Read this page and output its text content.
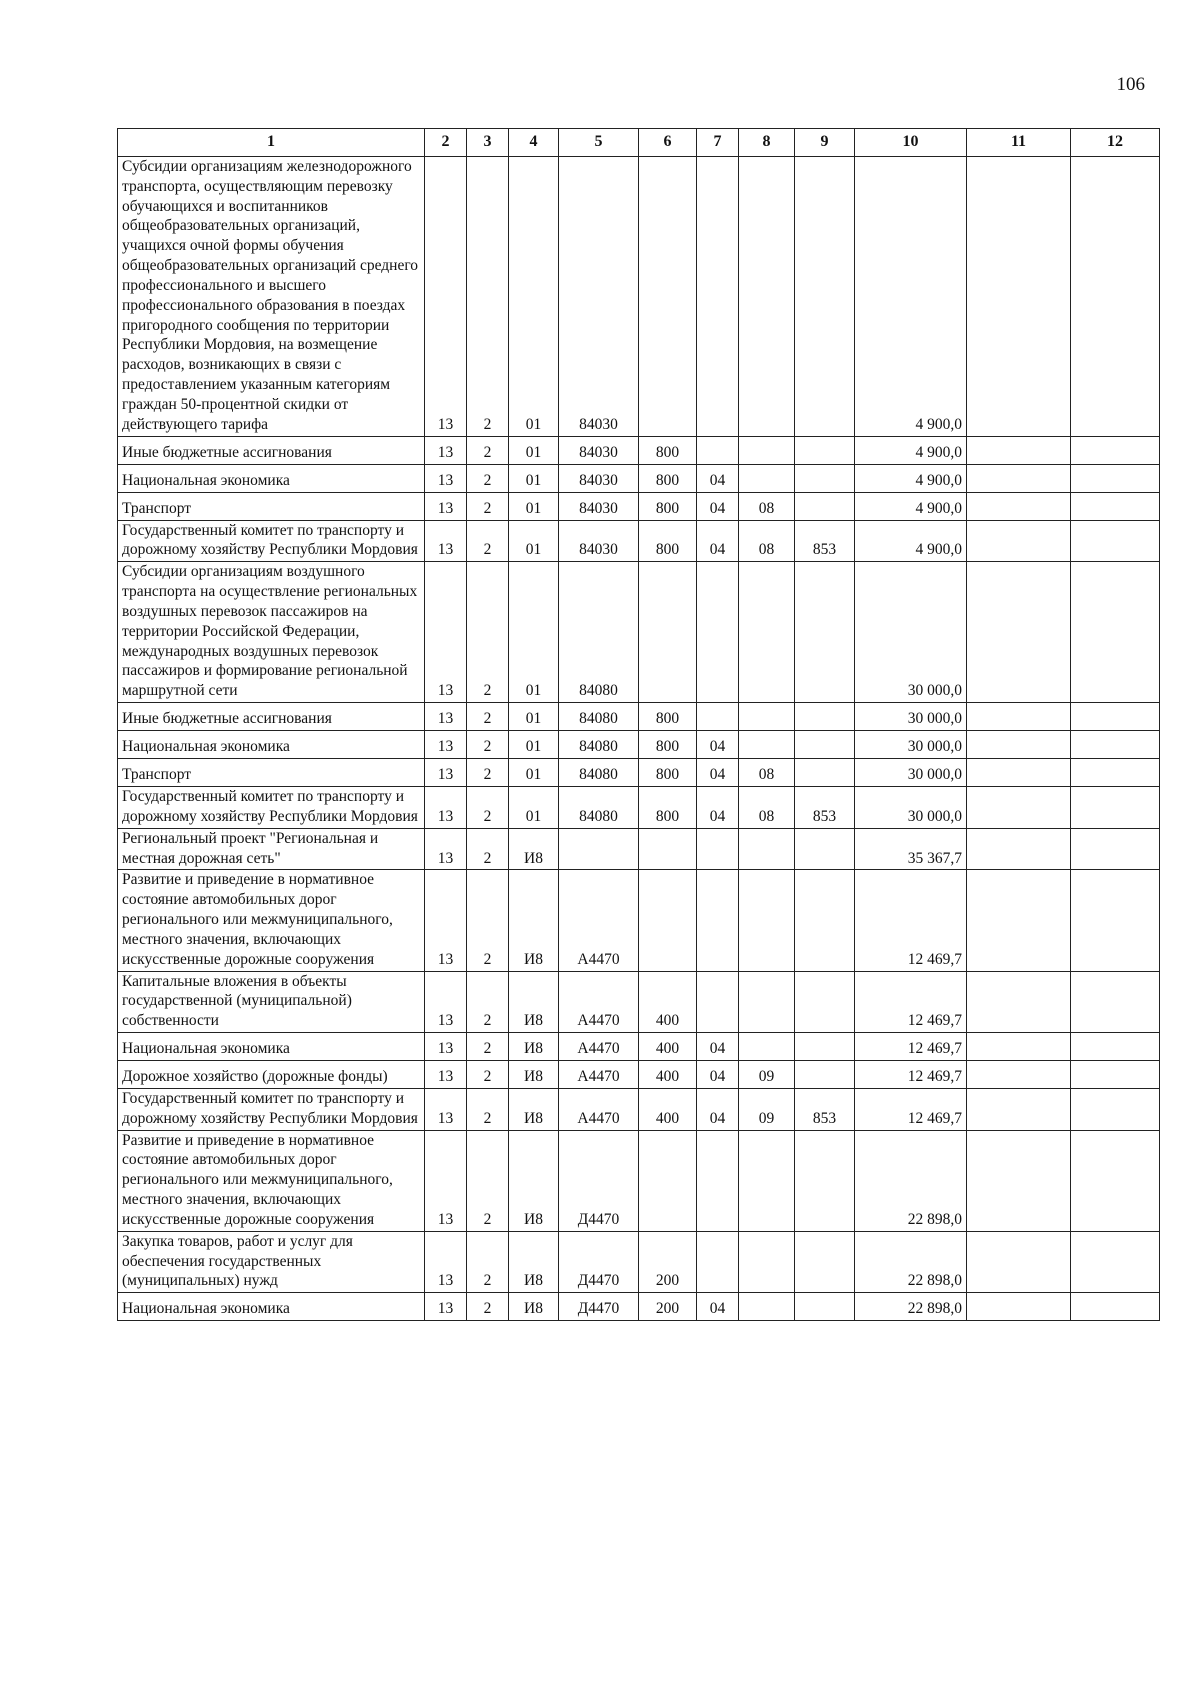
106
1	2	3	4	5	6	7	8	9	10	11	12
Субсидии организациям железнодорожного транспорта, осуществляющим перевозку обучающихся и воспитанников общеобразовательных организаций, учащихся очной формы обучения общеобразовательных организаций среднего профессионального и высшего профессионального образования в поездах пригородного сообщения по территории Республики Мордовия, на возмещение расходов, возникающих в связи с предоставлением указанным категориям граждан 50-процентной скидки от действующего тарифа	13	2	01	84030					4 900,0		
Иные бюджетные ассигнования	13	2	01	84030	800				4 900,0		
Национальная экономика	13	2	01	84030	800	04			4 900,0		
Транспорт	13	2	01	84030	800	04	08		4 900,0		
Государственный комитет по транспорту и дорожному хозяйству Республики Мордовия	13	2	01	84030	800	04	08	853	4 900,0		
Субсидии организациям воздушного транспорта на осуществление региональных воздушных перевозок пассажиров на территории Российской Федерации, международных воздушных перевозок пассажиров и формирование региональной маршрутной сети	13	2	01	84080					30 000,0		
Иные бюджетные ассигнования	13	2	01	84080	800				30 000,0		
Национальная экономика	13	2	01	84080	800	04			30 000,0		
Транспорт	13	2	01	84080	800	04	08		30 000,0		
Государственный комитет по транспорту и дорожному хозяйству Республики Мордовия	13	2	01	84080	800	04	08	853	30 000,0		
Региональный проект "Региональная и местная дорожная сеть"	13	2	И8						35 367,7		
Развитие и приведение в нормативное состояние автомобильных дорог регионального или межмуниципального, местного значения, включающих искусственные дорожные сооружения	13	2	И8	А4470					12 469,7		
Капитальные вложения в объекты государственной (муниципальной) собственности	13	2	И8	А4470	400				12 469,7		
Национальная экономика	13	2	И8	А4470	400	04			12 469,7		
Дорожное хозяйство (дорожные фонды)	13	2	И8	А4470	400	04	09		12 469,7		
Государственный комитет по транспорту и дорожному хозяйству Республики Мордовия	13	2	И8	А4470	400	04	09	853	12 469,7		
Развитие и приведение в нормативное состояние автомобильных дорог регионального или межмуниципального, местного значения, включающих искусственные дорожные сооружения	13	2	И8	Д4470					22 898,0		
Закупка товаров, работ и услуг для обеспечения государственных (муниципальных) нужд	13	2	И8	Д4470	200				22 898,0		
Национальная экономика	13	2	И8	Д4470	200	04			22 898,0		
